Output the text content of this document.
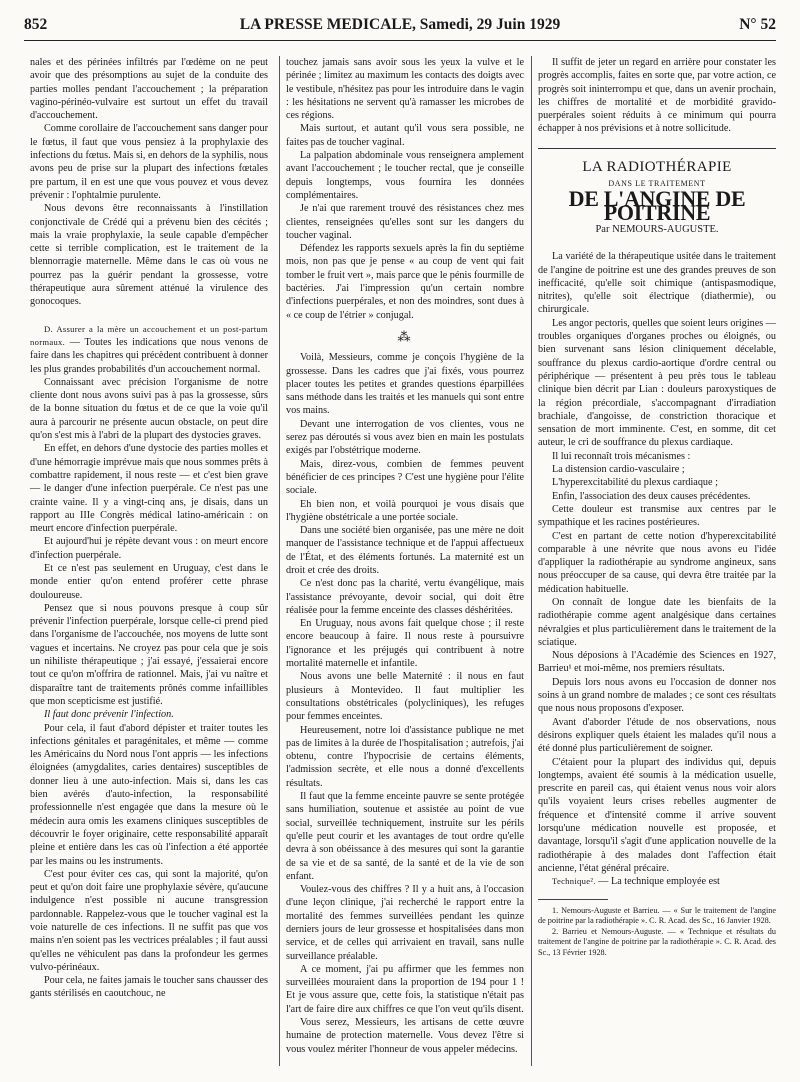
852	LA PRESSE MEDICALE, Samedi, 29 Juin 1929	N° 52

nales et des périnées infiltrés par l'œdème on ne peut avoir que des présomptions au sujet de la conduite des parties molles pendant l'accouchement ; la préparation vagino-périnéo-vulvaire est surtout un effet du travail d'accouchement.

Comme corollaire de l'accouchement sans danger pour le fœtus, il faut que vous pensiez à la prophylaxie des infections du fœtus. Mais si, en dehors de la syphilis, nous avons peu de prise sur la plupart des infections fœtales pre partum, il en est une que vous pouvez et vous devez prévenir : l'ophtalmie purulente.

Nous devons être reconnaissants à l'instillation conjonctivale de Crédé qui a prévenu bien des cécités ; mais la vraie prophylaxie, la seule capable d'empêcher cette si terrible complication, est le traitement de la blennorragie maternelle. Même dans le cas où vous ne pourrez pas la guérir pendant la grossesse, votre thérapeutique aura sûrement atténué la virulence des gonocoques.

D. Assurer a la mère un accouchement et un post-partum normaux. — Toutes les indications que nous venons de faire dans les chapitres qui précèdent contribuent à donner les plus grandes probabilités d'un accouchement normal.

Connaissant avec précision l'organisme de notre cliente dont nous avons suivi pas à pas la grossesse, sûrs de la bonne situation du fœtus et de ce que la voie qu'il aura à parcourir ne présente aucun obstacle, on peut dire qu'on s'est mis à l'abri de la plupart des dystocies graves.

En effet, en dehors d'une dystocie des parties molles et d'une hémorragie imprévue mais que nous sommes prêts à combattre rapidement, il nous reste — et c'est bien grave — le danger d'une infection puerpérale. Ce n'est pas une crainte vaine. Il y a vingt-cinq ans, je disais, dans un rapport au IIIe Congrès médical latino-américain : on meurt encore d'infection puerpérale.

Et aujourd'hui je répète devant vous : on meurt encore d'infection puerpérale.

Et ce n'est pas seulement en Uruguay, c'est dans le monde entier qu'on entend proférer cette phrase douloureuse.

Pensez que si nous pouvons presque à coup sûr prévenir l'infection puerpérale, lorsque celle-ci prend pied dans l'organisme de l'accouchée, nos moyens de lutte sont vagues et incertains. Ne croyez pas pour cela que je sois un nihiliste thérapeutique ; j'ai essayé, j'essaierai encore tout ce qu'on m'offrira de rationnel. Mais, j'ai vu naître et disparaître tant de traitements prônés comme infaillibles que mon scepticisme est justifié.

Il faut donc prévenir l'infection.

Pour cela, il faut d'abord dépister et traiter toutes les infections génitales et paragénitales, et même — comme les Américains du Nord nous l'ont appris — les infections éloignées (amygdalites, caries dentaires) susceptibles de donner lieu à une auto-infection. Mais si, dans les cas bien avérés d'auto-infection, la responsabilité professionnelle n'est engagée que dans la mesure où le médecin aura omis les examens cliniques susceptibles de découvrir le foyer originaire, cette responsabilité apparaît pleine et entière dans les cas où l'infection a été apportée par les mains ou les instruments.

C'est pour éviter ces cas, qui sont la majorité, qu'on peut et qu'on doit faire une prophylaxie sévère, qu'aucune indulgence n'est possible ni aucune transgression pardonnable. Rappelez-vous que le toucher vaginal est la voie naturelle de ces infections. Il ne suffit pas que vos mains n'en soient pas les vectrices préalables ; il faut aussi qu'elles ne véhiculent pas dans la profondeur les germes vulvo-périnéaux.

Pour cela, ne faites jamais le toucher sans chausser des gants stérilisés en caoutchouc, ne

touchez jamais sans avoir sous les yeux la vulve et le périnée ; limitez au maximum les contacts des doigts avec le vestibule, n'hésitez pas pour les introduire dans le vagin : les hésitations ne servent qu'à ramasser les microbes de ces régions.

Mais surtout, et autant qu'il vous sera possible, ne faites pas de toucher vaginal.

La palpation abdominale vous renseignera amplement avant l'accouchement ; le toucher rectal, que je conseille depuis longtemps, vous fournira les données complémentaires.

Je n'ai que rarement trouvé des résistances chez mes clientes, renseignées qu'elles sont sur les dangers du toucher vaginal.

Défendez les rapports sexuels après la fin du septième mois, non pas que je pense « au coup de vent qui fait tomber le fruit vert », mais parce que le pénis fourmille de bactéries. J'ai l'impression qu'un certain nombre d'infections puerpérales, et non des moindres, sont dues à « ce coup de l'étrier » conjugal.

⁂

Voilà, Messieurs, comme je conçois l'hygiène de la grossesse. Dans les cadres que j'ai fixés, vous pourrez placer toutes les petites et grandes questions éparpillées sans méthode dans les traités et les manuels qui sont entre vos mains.

Devant une interrogation de vos clientes, vous ne serez pas déroutés si vous avez bien en main les postulats exigés par l'obstétrique moderne.

Mais, direz-vous, combien de femmes peuvent bénéficier de ces principes ? C'est une hygiène pour l'élite sociale.

Eh bien non, et voilà pourquoi je vous disais que l'hygiène obstétricale a une portée sociale.

Dans une société bien organisée, pas une mère ne doit manquer de l'assistance technique et de l'appui affectueux de l'État, et des éléments fortunés. La maternité est un droit et crée des droits.

Ce n'est donc pas la charité, vertu évangélique, mais l'assistance prévoyante, devoir social, qui doit être réalisée pour la femme enceinte des classes déshéritées.

En Uruguay, nous avons fait quelque chose ; il reste encore beaucoup à faire. Il nous reste à poursuivre l'ignorance et les préjugés qui contribuent à notre mortalité maternelle et infantile.

Nous avons une belle Maternité : il nous en faut plusieurs à Montevideo. Il faut multiplier les consultations obstétricales (polycliniques), les refuges pour femmes enceintes.

Heureusement, notre loi d'assistance publique ne met pas de limites à la durée de l'hospitalisation ; autrefois, j'ai obtenu, contre l'hypocrisie de certains éléments, l'admission secrète, et elle nous a donné d'excellents résultats.

Il faut que la femme enceinte pauvre se sente protégée sans humiliation, soutenue et assistée au point de vue social, surveillée techniquement, instruite sur les périls qu'elle peut courir et les avantages de tout ordre qu'elle devra à son obéissance à des mesures qui sont la garantie de sa vie et de sa santé, de la santé et de la vie de son enfant.

Voulez-vous des chiffres ? Il y a huit ans, à l'occasion d'une leçon clinique, j'ai recherché le rapport entre la mortalité des femmes surveillées pendant les quinze derniers jours de leur grossesse et hospitalisées dans mon service, et de celles qui arrivaient en travail, sans nulle surveillance préalable.

A ce moment, j'ai pu affirmer que les femmes non surveillées mouraient dans la proportion de 194 pour 1 ! Et je vous assure que, cette fois, la statistique n'était pas l'art de faire dire aux chiffres ce que l'on veut qu'ils disent.

Vous serez, Messieurs, les artisans de cette œuvre humaine de protection maternelle. Vous devez l'être si vous voulez mériter l'honneur de vous appeler médecins.

Il suffit de jeter un regard en arrière pour constater les progrès accomplis, faites en sorte que, par votre action, ce progrès soit ininterrompu et que, dans un avenir prochain, les chiffres de mortalité et de morbidité gravido-puerpérales soient réduits à ce minimum qui pourra échapper à nos prévisions et à notre sollicitude.

LA RADIOTHÉRAPIE
DANS LE TRAITEMENT
DE L'ANGINE DE POITRINE
Par NEMOURS-AUGUSTE.

La variété de la thérapeutique usitée dans le traitement de l'angine de poitrine est une des grandes preuves de son inefficacité, qu'elle soit chimique (antispasmodique, nitrites), qu'elle soit électrique (diathermie), ou chirurgicale.

Les angor pectoris, quelles que soient leurs origines — troubles organiques d'organes proches ou éloignés, ou bien survenant sans lésion cliniquement décelable, souffrance du plexus cardio-aortique d'ordre central ou périphérique — présentent à peu près tous le tableau clinique bien décrit par Lian : douleurs paroxystiques de la région précordiale, s'accompagnant d'irradiation brachiale, d'angoisse, de constriction thoracique et sensation de mort imminente. C'est, en somme, dit cet auteur, le cri de souffrance du plexus cardiaque.

Il lui reconnaît trois mécanismes :

La distension cardio-vasculaire ;

L'hyperexcitabilité du plexus cardiaque ;

Enfin, l'association des deux causes précédentes.

Cette douleur est transmise aux centres par le sympathique et les racines postérieures.

C'est en partant de cette notion d'hyperexcitabilité comparable à une névrite que nous avons eu l'idée d'appliquer la radiothérapie au syndrome angineux, sans nous préoccuper de sa cause, qui devra être traitée par la médication habituelle.

On connaît de longue date les bienfaits de la radiothérapie comme agent analgésique dans certaines névralgies et plus particulièrement dans le traitement de la sciatique.

Nous déposions à l'Académie des Sciences en 1927, Barrieu¹ et moi-même, nos premiers résultats.

Depuis lors nous avons eu l'occasion de donner nos soins à un grand nombre de malades ; ce sont ces résultats que nous nous proposons d'exposer.

Avant d'aborder l'étude de nos observations, nous désirons expliquer quels étaient les malades qu'il nous a été donné plus particulièrement de soigner.

C'étaient pour la plupart des individus qui, depuis longtemps, avaient été soumis à la médication usuelle, prescrite en pareil cas, qui étaient venus nous voir alors qu'ils voyaient leurs crises rebelles augmenter de fréquence et d'intensité comme il arrive souvent lorsqu'une médication nouvelle est proposée, et davantage, lorsqu'il s'agit d'une application nouvelle de la radiothérapie à des malades dont l'affection était ancienne, l'état général précaire.

Technique². — La technique employée est

1. Nemours-Auguste et Barrieu. — « Sur le traitement de l'angine de poitrine par la radiothérapie ». C. R. Acad. des Sc., 16 Janvier 1928.

2. Barrieu et Nemours-Auguste. — « Technique et résultats du traitement de l'angine de poitrine par la radiothérapie ». C. R. Acad. des Sc., 13 Février 1928.
